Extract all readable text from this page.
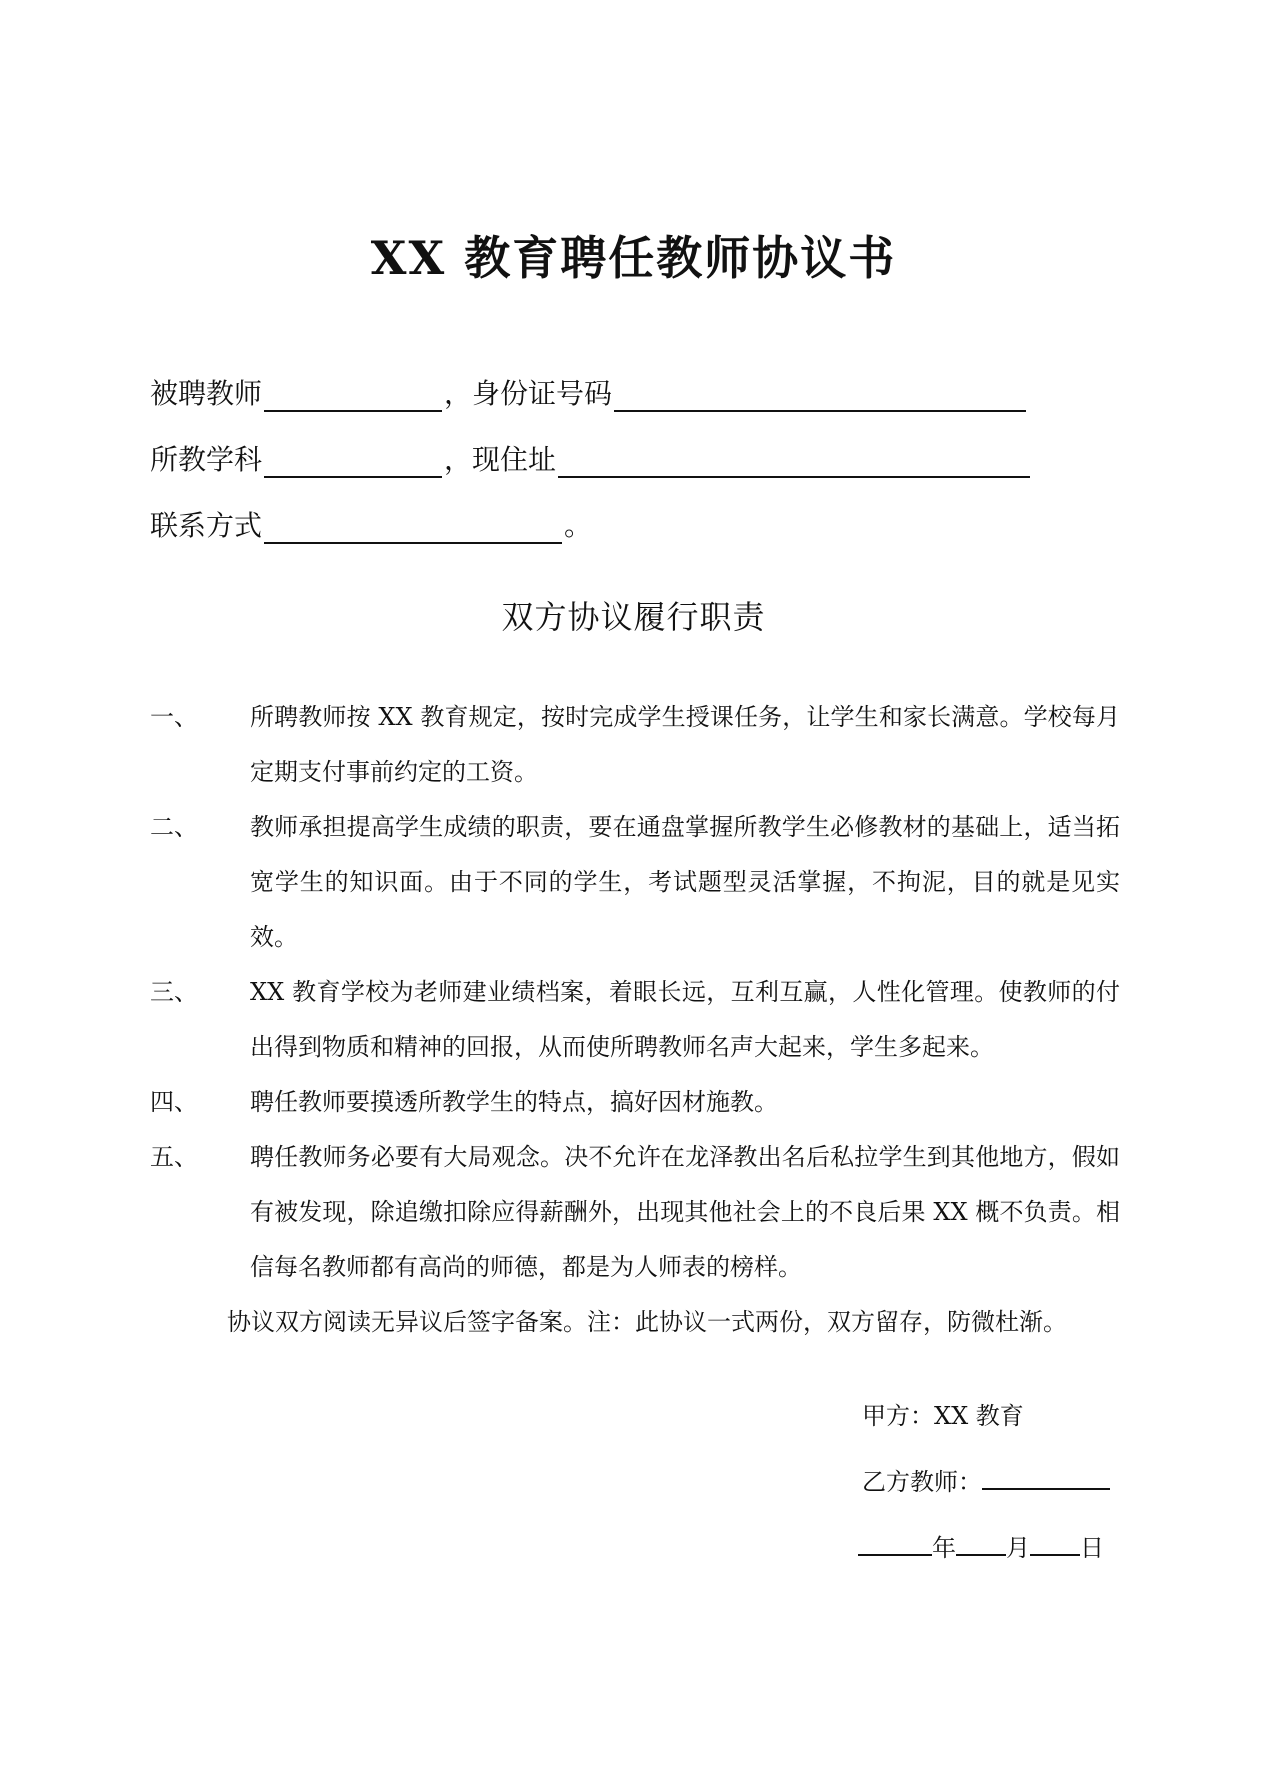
XX 教育聘任教师协议书
被聘教师	，身份证号码
所教学科	，现住址
联系方式	。
双方协议履行职责
一、	所聘教师按 XX 教育规定，按时完成学生授课任务，让学生和家长满意。学校每月定期支付事前约定的工资。
二、	教师承担提高学生成绩的职责，要在通盘掌握所教学生必修教材的基础上，适当拓宽学生的知识面。由于不同的学生，考试题型灵活掌握，不拘泥，目的就是见实效。
三、	XX 教育学校为老师建业绩档案，着眼长远，互利互赢，人性化管理。使教师的付出得到物质和精神的回报，从而使所聘教师名声大起来，学生多起来。
四、	聘任教师要摸透所教学生的特点，搞好因材施教。
五、	聘任教师务必要有大局观念。决不允许在龙泽教出名后私拉学生到其他地方，假如有被发现，除追缴扣除应得薪酬外，出现其他社会上的不良后果 XX 概不负责。相信每名教师都有高尚的师德，都是为人师表的榜样。
协议双方阅读无异议后签字备案。注：此协议一式两份，双方留存，防微杜渐。
甲方：XX 教育
乙方教师：
年 月 日
